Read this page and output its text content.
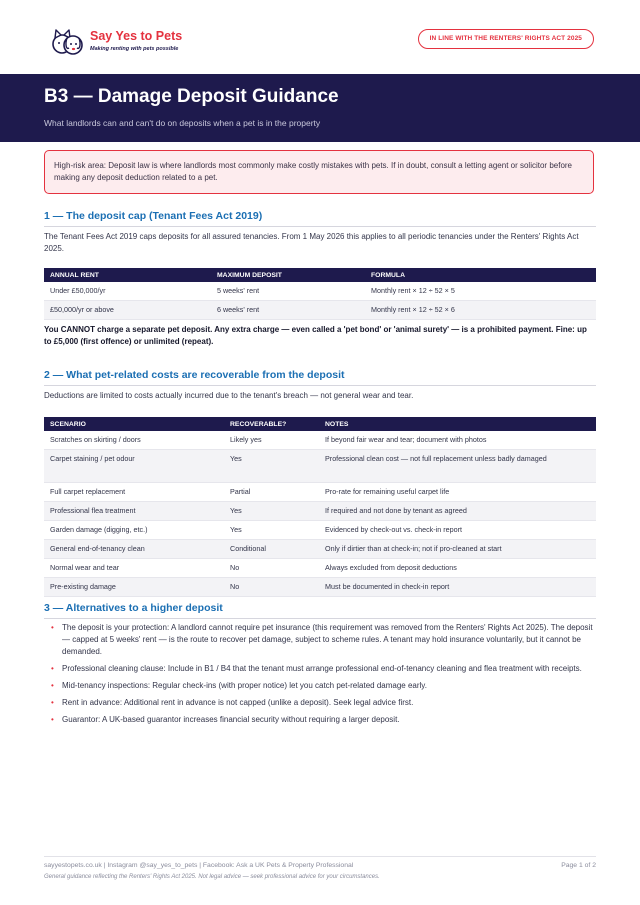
Say Yes to Pets
Making renting with pets possible
IN LINE WITH THE RENTERS' RIGHTS ACT 2025
B3 — Damage Deposit Guidance
What landlords can and can't do on deposits when a pet is in the property
High-risk area: Deposit law is where landlords most commonly make costly mistakes with pets. If in doubt, consult a letting agent or solicitor before making any deposit deduction related to a pet.
1 — The deposit cap (Tenant Fees Act 2019)
The Tenant Fees Act 2019 caps deposits for all assured tenancies. From 1 May 2026 this applies to all periodic tenancies under the Renters' Rights Act 2025.
ANNUAL RENT	MAXIMUM DEPOSIT	FORMULA
Under £50,000/yr	5 weeks' rent	Monthly rent × 12 ÷ 52 × 5
£50,000/yr or above	6 weeks' rent	Monthly rent × 12 ÷ 52 × 6
You CANNOT charge a separate pet deposit. Any extra charge — even called a 'pet bond' or 'animal surety' — is a prohibited payment. Fine: up to £5,000 (first offence) or unlimited (repeat).
2 — What pet-related costs are recoverable from the deposit
Deductions are limited to costs actually incurred due to the tenant's breach — not general wear and tear.
SCENARIO	RECOVERABLE?	NOTES
Scratches on skirting / doors	Likely yes	If beyond fair wear and tear; document with photos
Carpet staining / pet odour	Yes	Professional clean cost — not full replacement unless badly damaged
Full carpet replacement	Partial	Pro-rate for remaining useful carpet life
Professional flea treatment	Yes	If required and not done by tenant as agreed
Garden damage (digging, etc.)	Yes	Evidenced by check-out vs. check-in report
General end-of-tenancy clean	Conditional	Only if dirtier than at check-in; not if pro-cleaned at start
Normal wear and tear	No	Always excluded from deposit deductions
Pre-existing damage	No	Must be documented in check-in report
3 — Alternatives to a higher deposit
• The deposit is your protection: A landlord cannot require pet insurance (this requirement was removed from the Renters' Rights Act 2025). The deposit — capped at 5 weeks' rent — is the route to recover pet damage, subject to scheme rules. A tenant may hold insurance voluntarily, but it cannot be demanded.
• Professional cleaning clause: Include in B1 / B4 that the tenant must arrange professional end-of-tenancy cleaning and flea treatment with receipts.
• Mid-tenancy inspections: Regular check-ins (with proper notice) let you catch pet-related damage early.
• Rent in advance: Additional rent in advance is not capped (unlike a deposit). Seek legal advice first.
• Guarantor: A UK-based guarantor increases financial security without requiring a larger deposit.
sayyestopets.co.uk | Instagram @say_yes_to_pets | Facebook: Ask a UK Pets & Property Professional	Page 1 of 2
General guidance reflecting the Renters' Rights Act 2025. Not legal advice — seek professional advice for your circumstances.
